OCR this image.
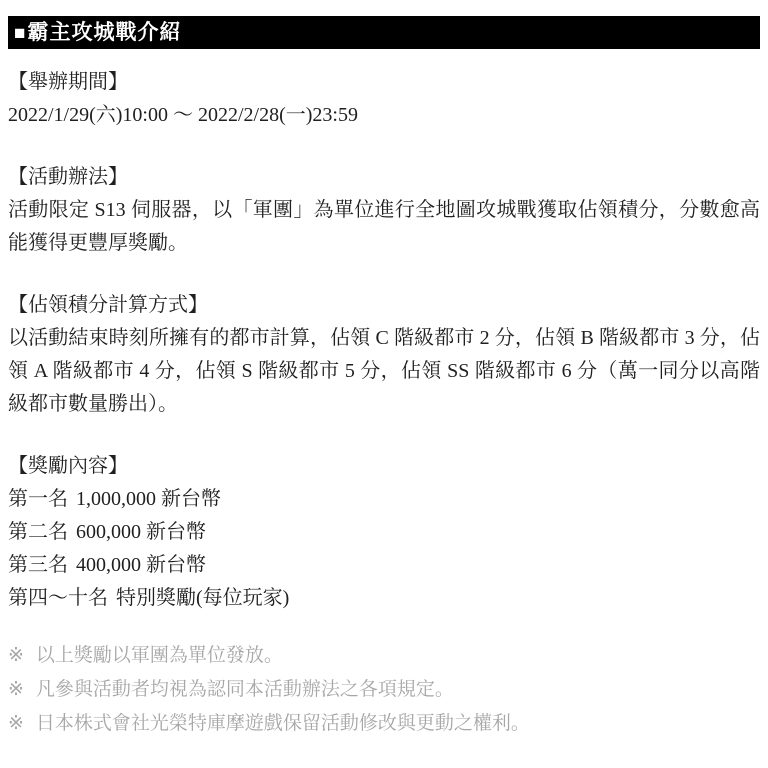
■霸主攻城戰介紹
【舉辦期間】
2022/1/29(六)10:00 ～ 2022/2/28(一)23:59
【活動辦法】
活動限定 S13 伺服器，以「軍團」為單位進行全地圖攻城戰獲取佔領積分，分數愈高能獲得更豐厚獎勵。
【佔領積分計算方式】
以活動結束時刻所擁有的都市計算，佔領 C 階級都市 2 分，佔領 B 階級都市 3 分，佔領 A 階級都市 4 分，佔領 S 階級都市 5 分，佔領 SS 階級都市 6 分（萬一同分以高階級都市數量勝出）。
【獎勵內容】
第一名 1,000,000 新台幣
第二名 600,000 新台幣
第三名 400,000 新台幣
第四～十名 特別獎勵(每位玩家)
※ 以上獎勵以軍團為單位發放。
※ 凡參與活動者均視為認同本活動辦法之各項規定。
※ 日本株式會社光榮特庫摩遊戲保留活動修改與更動之權利。
